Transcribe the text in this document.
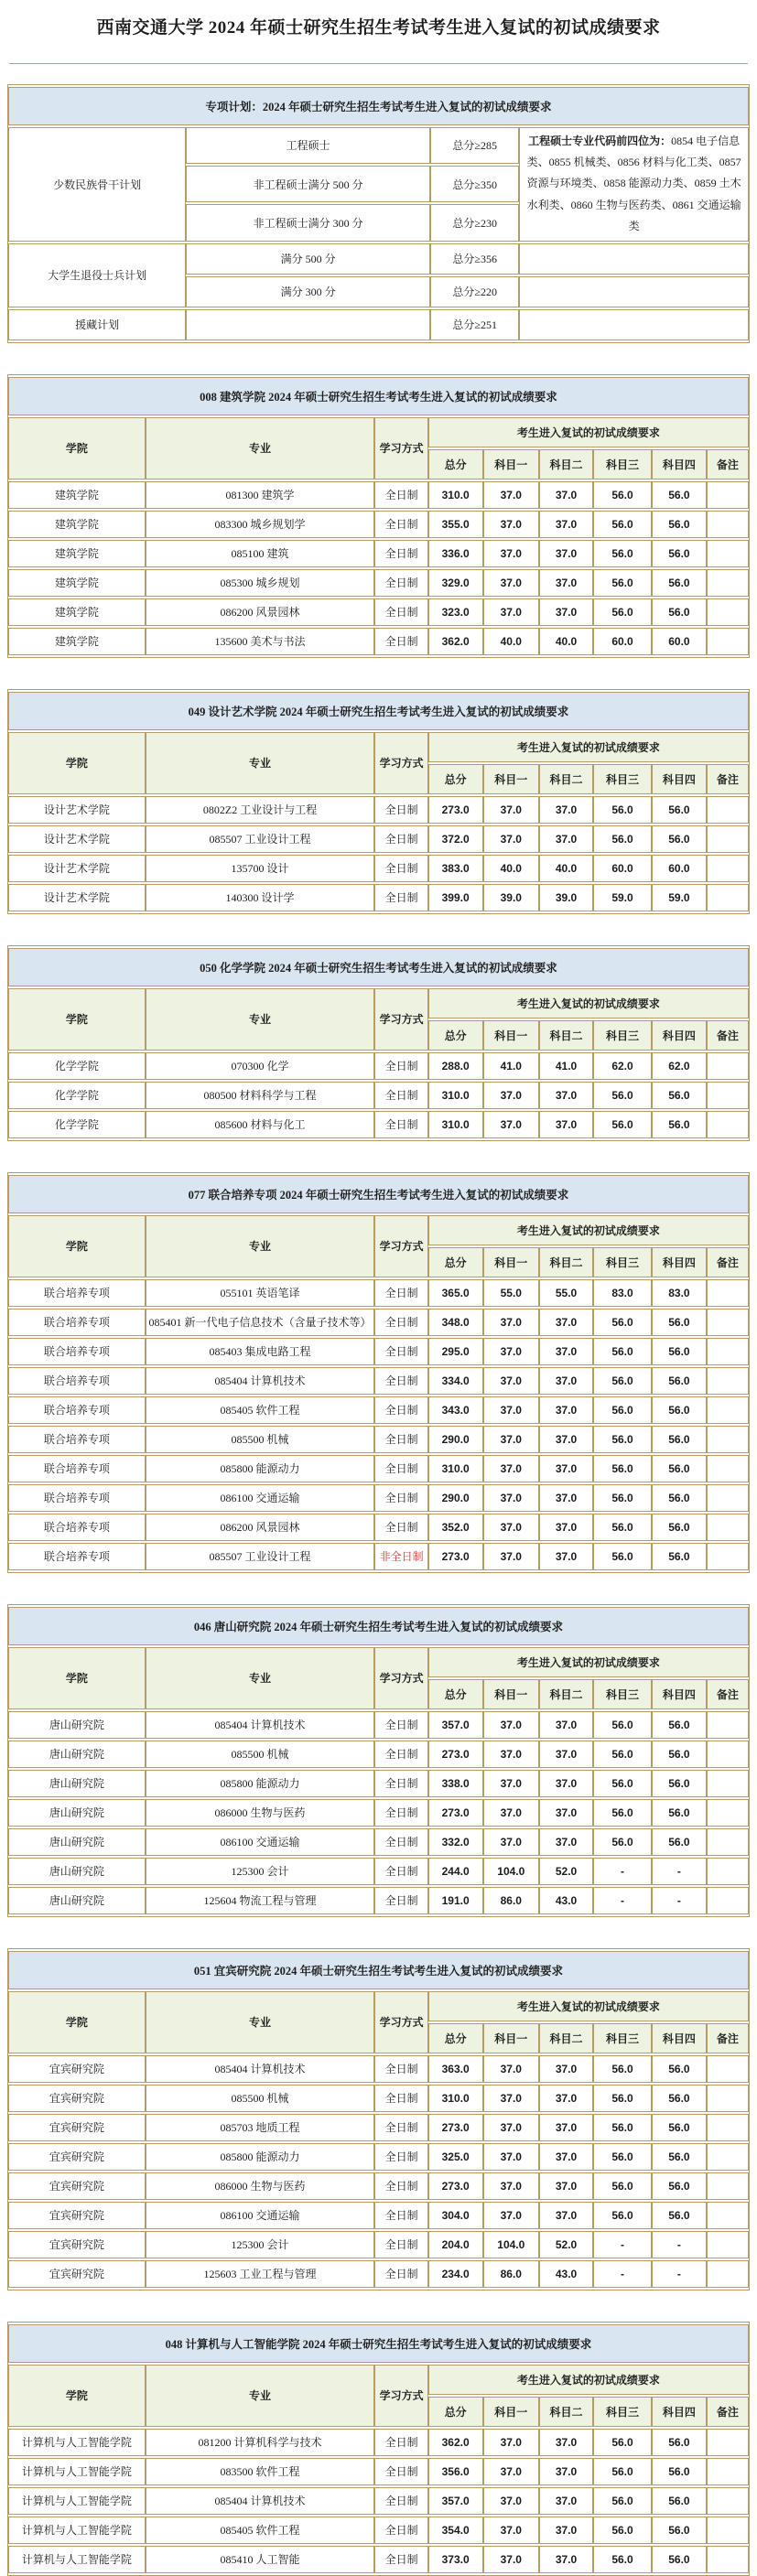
西南交通大学 2024 年硕士研究生招生考试考生进入复试的初试成绩要求
专项计划：2024 年硕士研究生招生考试考生进入复试的初试成绩要求			
少数民族骨干计划	工程硕士	总分≥285	工程硕士专业代码前四位为：0854 电子信息类、0855 机械类、0856 材料与化工类、0857 资源与环境类、0858 能源动力类、0859 土木水利类、0860 生物与医药类、0861 交通运输类
	非工程硕士满分 500 分	总分≥350	
	非工程硕士满分 300 分	总分≥230	
大学生退役士兵计划	满分 500 分	总分≥356	
	满分 300 分	总分≥220	
援藏计划		总分≥251	
008 建筑学院 2024 年硕士研究生招生考试考生进入复试的初试成绩要求								
学院	专业	学习方式	考生进入复试的初试成绩要求					
			总分	科目一	科目二	科目三	科目四	备注
建筑学院	081300 建筑学	全日制	310.0	37.0	37.0	56.0	56.0	
建筑学院	083300 城乡规划学	全日制	355.0	37.0	37.0	56.0	56.0	
建筑学院	085100 建筑	全日制	336.0	37.0	37.0	56.0	56.0	
建筑学院	085300 城乡规划	全日制	329.0	37.0	37.0	56.0	56.0	
建筑学院	086200 风景园林	全日制	323.0	37.0	37.0	56.0	56.0	
建筑学院	135600 美术与书法	全日制	362.0	40.0	40.0	60.0	60.0	
049 设计艺术学院 2024 年硕士研究生招生考试考生进入复试的初试成绩要求								
学院	专业	学习方式	考生进入复试的初试成绩要求					
			总分	科目一	科目二	科目三	科目四	备注
设计艺术学院	0802Z2 工业设计与工程	全日制	273.0	37.0	37.0	56.0	56.0	
设计艺术学院	085507 工业设计工程	全日制	372.0	37.0	37.0	56.0	56.0	
设计艺术学院	135700 设计	全日制	383.0	40.0	40.0	60.0	60.0	
设计艺术学院	140300 设计学	全日制	399.0	39.0	39.0	59.0	59.0	
050 化学学院 2024 年硕士研究生招生考试考生进入复试的初试成绩要求								
学院	专业	学习方式	考生进入复试的初试成绩要求					
			总分	科目一	科目二	科目三	科目四	备注
化学学院	070300 化学	全日制	288.0	41.0	41.0	62.0	62.0	
化学学院	080500 材料科学与工程	全日制	310.0	37.0	37.0	56.0	56.0	
化学学院	085600 材料与化工	全日制	310.0	37.0	37.0	56.0	56.0	
077 联合培养专项 2024 年硕士研究生招生考试考生进入复试的初试成绩要求								
学院	专业	学习方式	考生进入复试的初试成绩要求					
			总分	科目一	科目二	科目三	科目四	备注
联合培养专项	055101 英语笔译	全日制	365.0	55.0	55.0	83.0	83.0	
联合培养专项	085401 新一代电子信息技术（含量子技术等）	全日制	348.0	37.0	37.0	56.0	56.0	
联合培养专项	085403 集成电路工程	全日制	295.0	37.0	37.0	56.0	56.0	
联合培养专项	085404 计算机技术	全日制	334.0	37.0	37.0	56.0	56.0	
联合培养专项	085405 软件工程	全日制	343.0	37.0	37.0	56.0	56.0	
联合培养专项	085500 机械	全日制	290.0	37.0	37.0	56.0	56.0	
联合培养专项	085800 能源动力	全日制	310.0	37.0	37.0	56.0	56.0	
联合培养专项	086100 交通运输	全日制	290.0	37.0	37.0	56.0	56.0	
联合培养专项	086200 风景园林	全日制	352.0	37.0	37.0	56.0	56.0	
联合培养专项	085507 工业设计工程	非全日制	273.0	37.0	37.0	56.0	56.0	
046 唐山研究院 2024 年硕士研究生招生考试考生进入复试的初试成绩要求								
学院	专业	学习方式	考生进入复试的初试成绩要求					
			总分	科目一	科目二	科目三	科目四	备注
唐山研究院	085404 计算机技术	全日制	357.0	37.0	37.0	56.0	56.0	
唐山研究院	085500 机械	全日制	273.0	37.0	37.0	56.0	56.0	
唐山研究院	085800 能源动力	全日制	338.0	37.0	37.0	56.0	56.0	
唐山研究院	086000 生物与医药	全日制	273.0	37.0	37.0	56.0	56.0	
唐山研究院	086100 交通运输	全日制	332.0	37.0	37.0	56.0	56.0	
唐山研究院	125300 会计	全日制	244.0	104.0	52.0	-	-	
唐山研究院	125604 物流工程与管理	全日制	191.0	86.0	43.0	-	-	
051 宜宾研究院 2024 年硕士研究生招生考试考生进入复试的初试成绩要求								
学院	专业	学习方式	考生进入复试的初试成绩要求					
			总分	科目一	科目二	科目三	科目四	备注
宜宾研究院	085404 计算机技术	全日制	363.0	37.0	37.0	56.0	56.0	
宜宾研究院	085500 机械	全日制	310.0	37.0	37.0	56.0	56.0	
宜宾研究院	085703 地质工程	全日制	273.0	37.0	37.0	56.0	56.0	
宜宾研究院	085800 能源动力	全日制	325.0	37.0	37.0	56.0	56.0	
宜宾研究院	086000 生物与医药	全日制	273.0	37.0	37.0	56.0	56.0	
宜宾研究院	086100 交通运输	全日制	304.0	37.0	37.0	56.0	56.0	
宜宾研究院	125300 会计	全日制	204.0	104.0	52.0	-	-	
宜宾研究院	125603 工业工程与管理	全日制	234.0	86.0	43.0	-	-	
048 计算机与人工智能学院 2024 年硕士研究生招生考试考生进入复试的初试成绩要求								
学院	专业	学习方式	考生进入复试的初试成绩要求					
			总分	科目一	科目二	科目三	科目四	备注
计算机与人工智能学院	081200 计算机科学与技术	全日制	362.0	37.0	37.0	56.0	56.0	
计算机与人工智能学院	083500 软件工程	全日制	356.0	37.0	37.0	56.0	56.0	
计算机与人工智能学院	085404 计算机技术	全日制	357.0	37.0	37.0	56.0	56.0	
计算机与人工智能学院	085405 软件工程	全日制	354.0	37.0	37.0	56.0	56.0	
计算机与人工智能学院	085410 人工智能	全日制	373.0	37.0	37.0	56.0	56.0	
